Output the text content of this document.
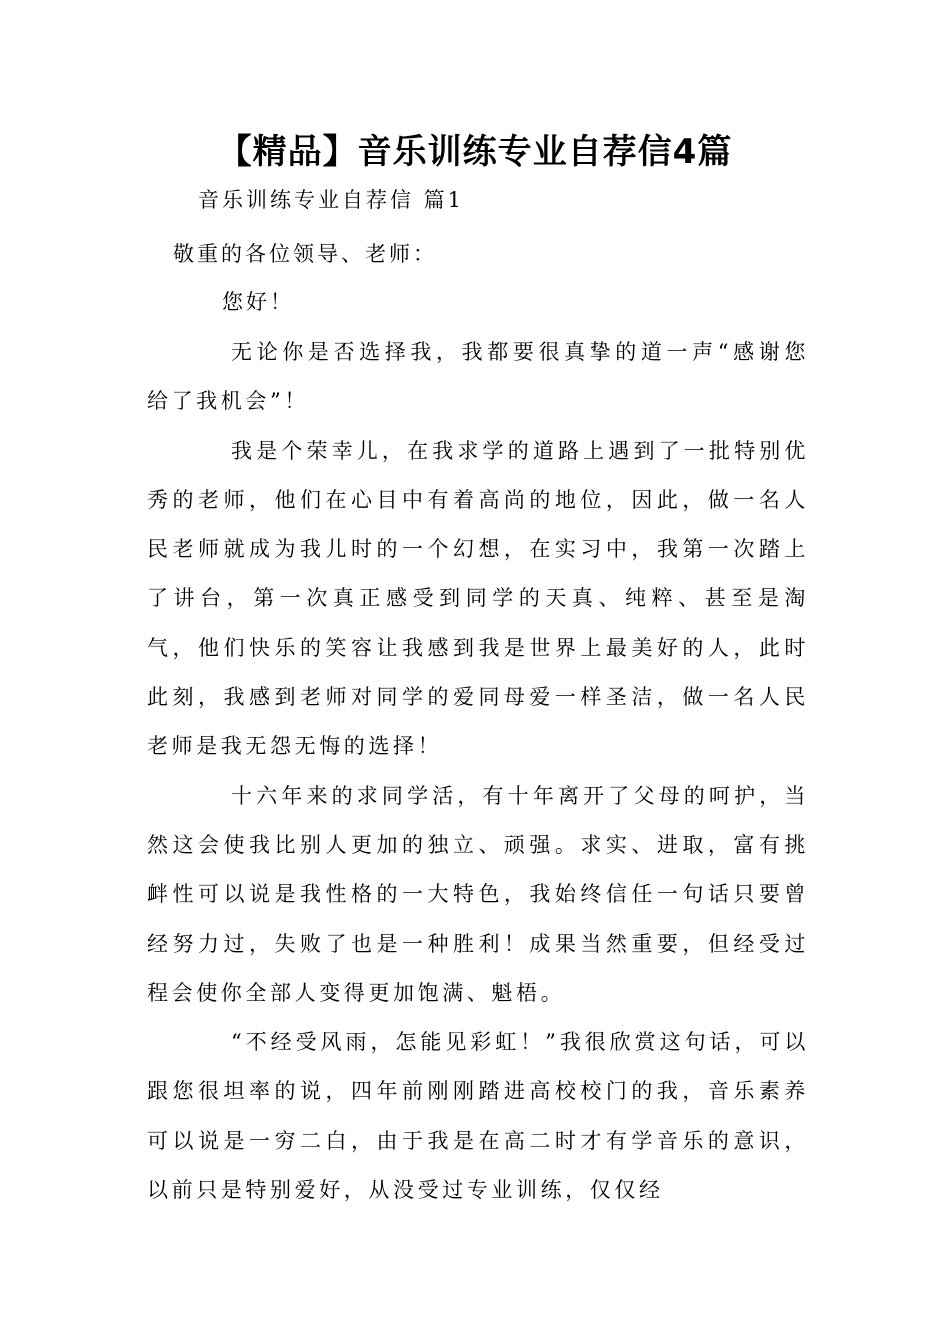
【精品】音乐训练专业自荐信4篇

音乐训练专业自荐信 篇1

敬重的各位领导、老师：

您好！

无论你是否选择我，我都要很真挚的道一声“感谢您给了我机会”！

我是个荣幸儿，在我求学的道路上遇到了一批特别优秀的老师，他们在心目中有着高尚的地位，因此，做一名人民老师就成为我儿时的一个幻想，在实习中，我第一次踏上了讲台，第一次真正感受到同学的天真、纯粹、甚至是淘气，他们快乐的笑容让我感到我是世界上最美好的人，此时此刻，我感到老师对同学的爱同母爱一样圣洁，做一名人民老师是我无怨无悔的选择！

十六年来的求同学活，有十年离开了父母的呵护，当然这会使我比别人更加的独立、顽强。求实、进取，富有挑衅性可以说是我性格的一大特色，我始终信任一句话只要曾经努力过，失败了也是一种胜利！成果当然重要，但经受过程会使你全部人变得更加饱满、魁梧。

“不经受风雨，怎能见彩虹！”我很欣赏这句话，可以跟您很坦率的说，四年前刚刚踏进高校校门的我，音乐素养可以说是一穷二白，由于我是在高二时才有学音乐的意识，以前只是特别爱好，从没受过专业训练，仅仅经
